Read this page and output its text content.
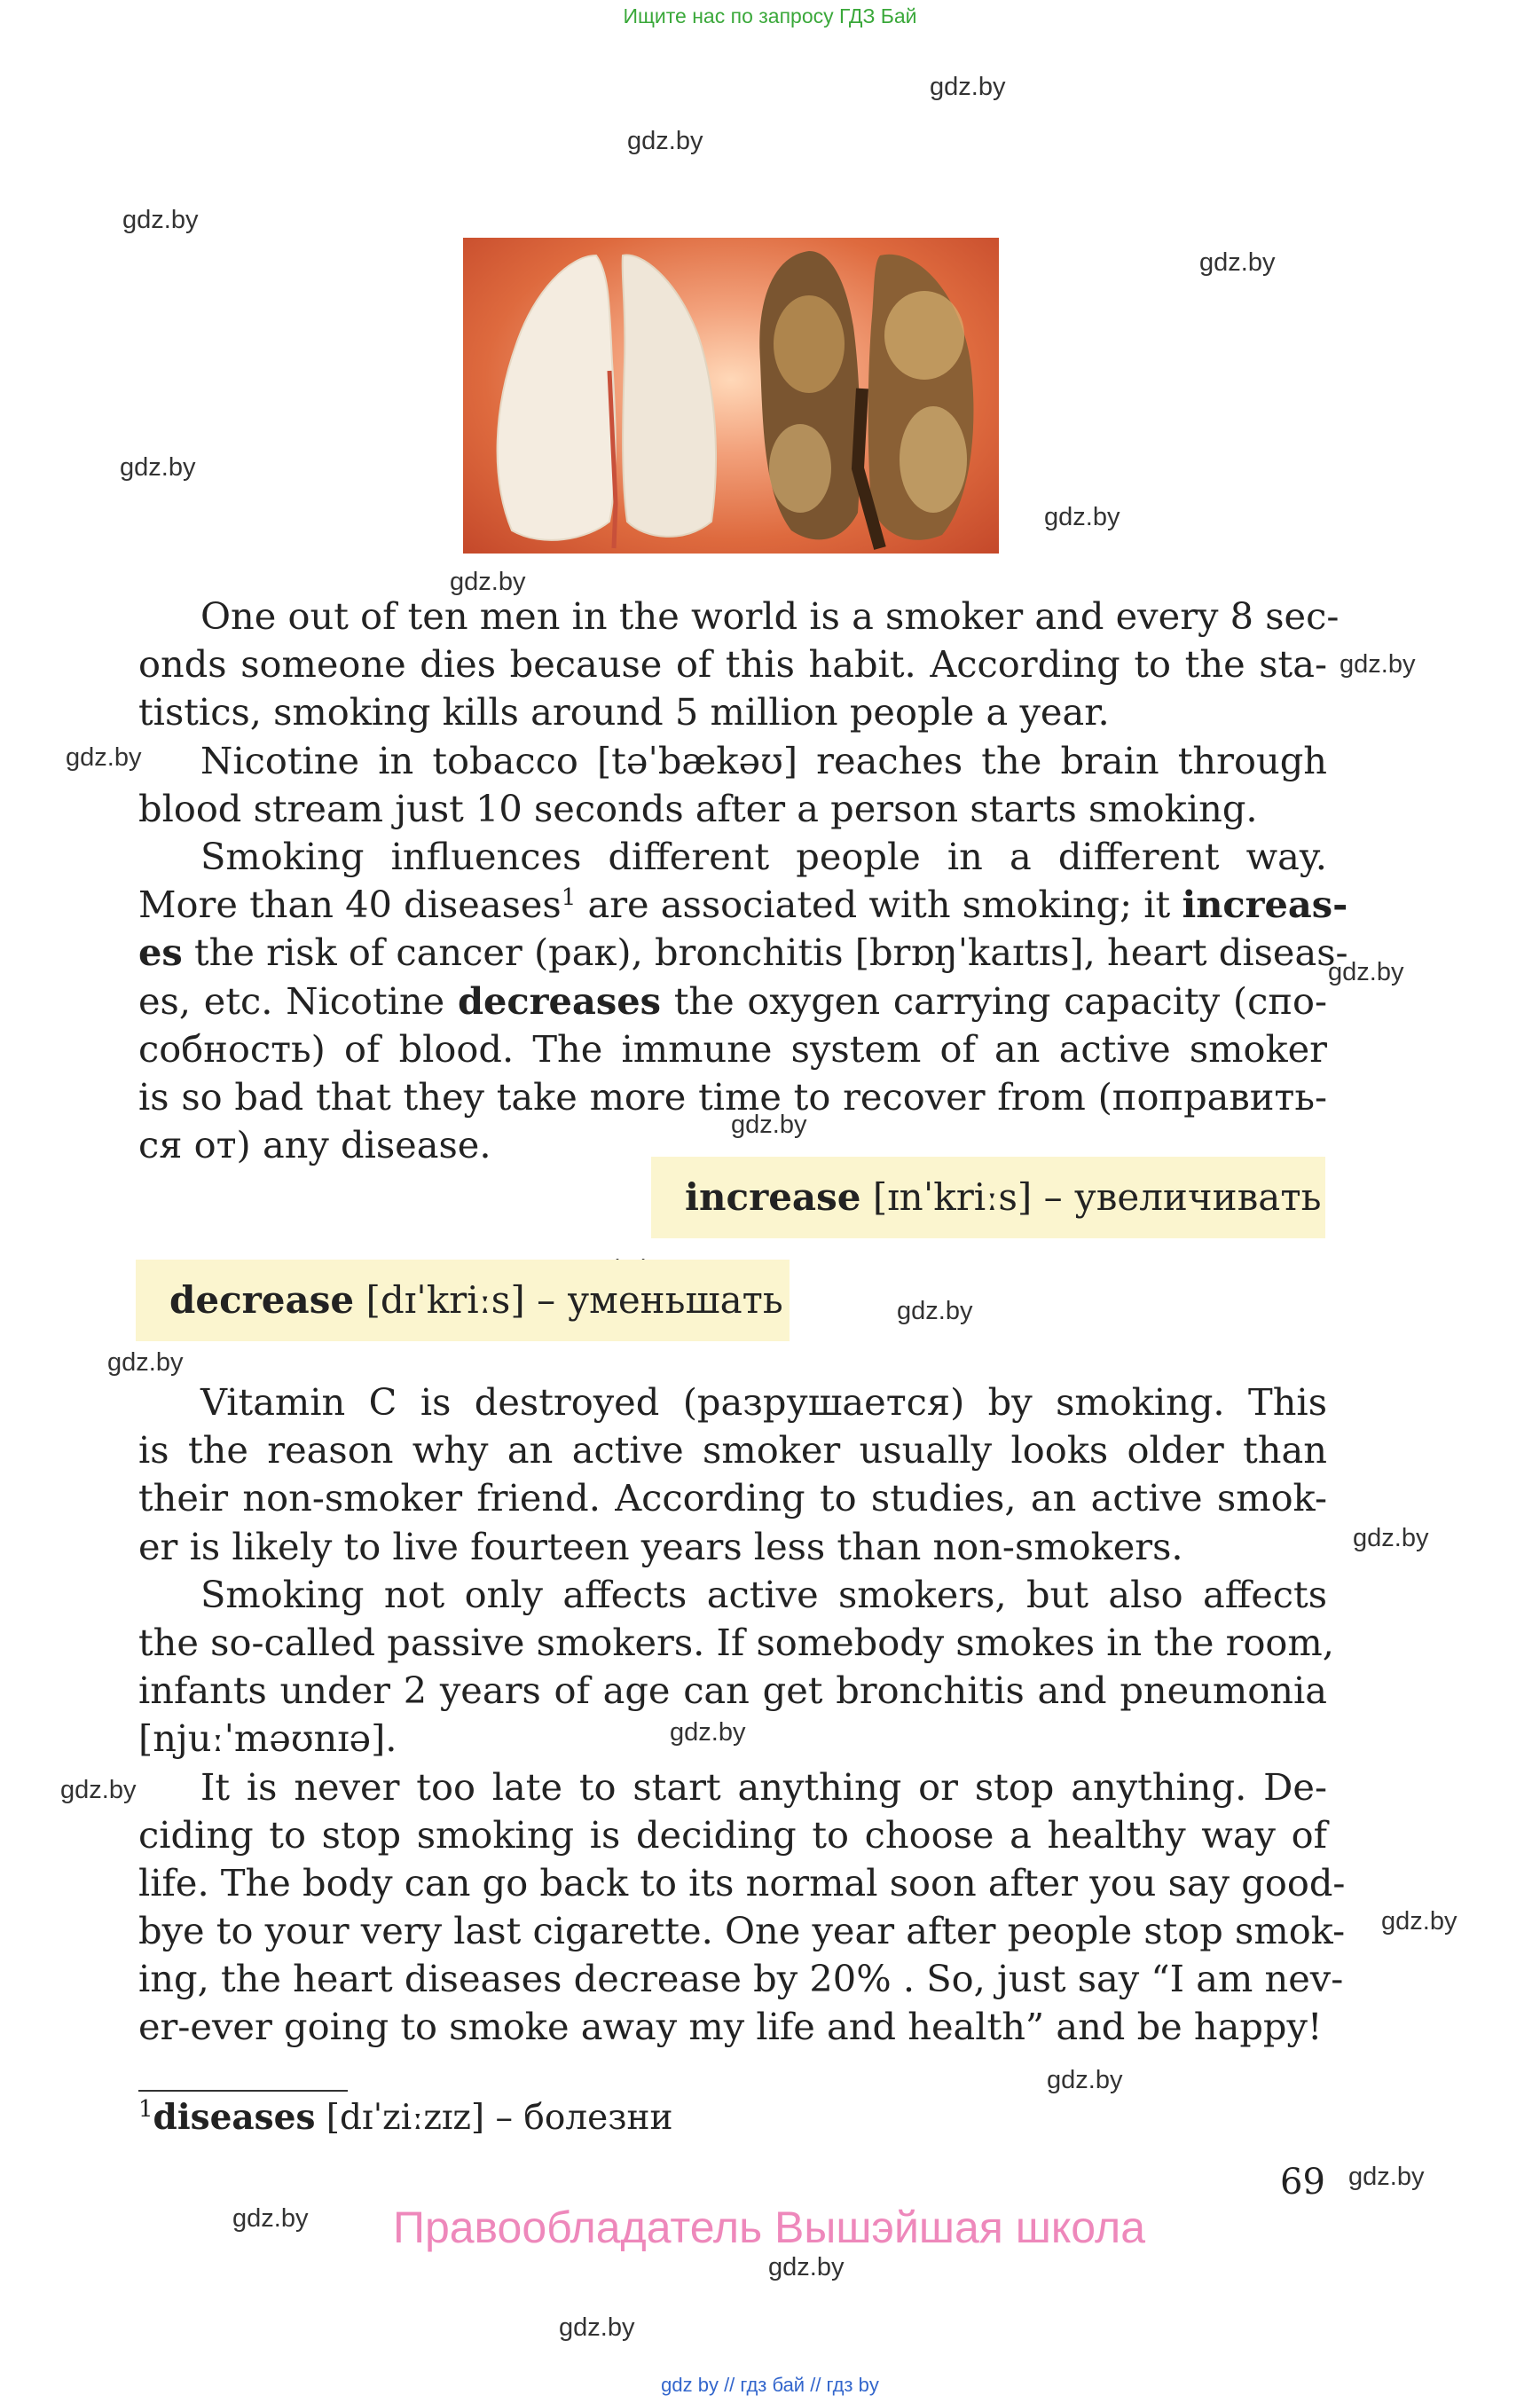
Ищите нас по запросу ГДЗ Бай
gdz.by
gdz.by
gdz.by
gdz.by
gdz.by
gdz.by
gdz.by
gdz.by
gdz.by
gdz.by
gdz.by
gdz.by
gdz.by
gdz.by
gdz.by
gdz.by
gdz.by
gdz.by
gdz.by
gdz.by
gdz.by
gdz.by
One out of ten men in the world is a smoker and every 8 sec-
onds someone dies because of this habit. According to the sta-
tistics, smoking kills around 5 million people a year.
Nicotine in tobacco [təˈbækəʊ] reaches the brain through
blood stream just 10 seconds after a person starts smoking.
Smoking influences different people in a different way.
More than 40 diseases$^1$ are associated with smoking; it increas-
es the risk of cancer (рак), bronchitis [brɒŋˈkaɪtɪs], heart diseas-
es, etc. Nicotine decreases the oxygen carrying capacity (спо-
собность) of blood. The immune system of an active smoker
is so bad that they take more time to recover from (поправить-
ся от) any disease.
increase [ɪnˈkriːs] – увеличивать
decrease [dɪˈkriːs] – уменьшать
Vitamin C is destroyed (разрушается) by smoking. This
is the reason why an active smoker usually looks older than
their non-smoker friend. According to studies, an active smok-
er is likely to live fourteen years less than non-smokers.
Smoking not only affects active smokers, but also affects
the so-called passive smokers. If somebody smokes in the room,
infants under 2 years of age can get bronchitis and pneumonia
[njuːˈməʊnɪə].
It is never too late to start anything or stop anything. De-
ciding to stop smoking is deciding to choose a healthy way of
life. The body can go back to its normal soon after you say good-
bye to your very last cigarette. One year after people stop smok-
ing, the heart diseases decrease by 20% . So, just say “I am nev-
er-ever going to smoke away my life and health” and be happy!
$^1$diseases [dɪˈziːzɪz] – болезни
69
Правообладатель Вышэйшая школа
gdz by // гдз бай // гдз by
